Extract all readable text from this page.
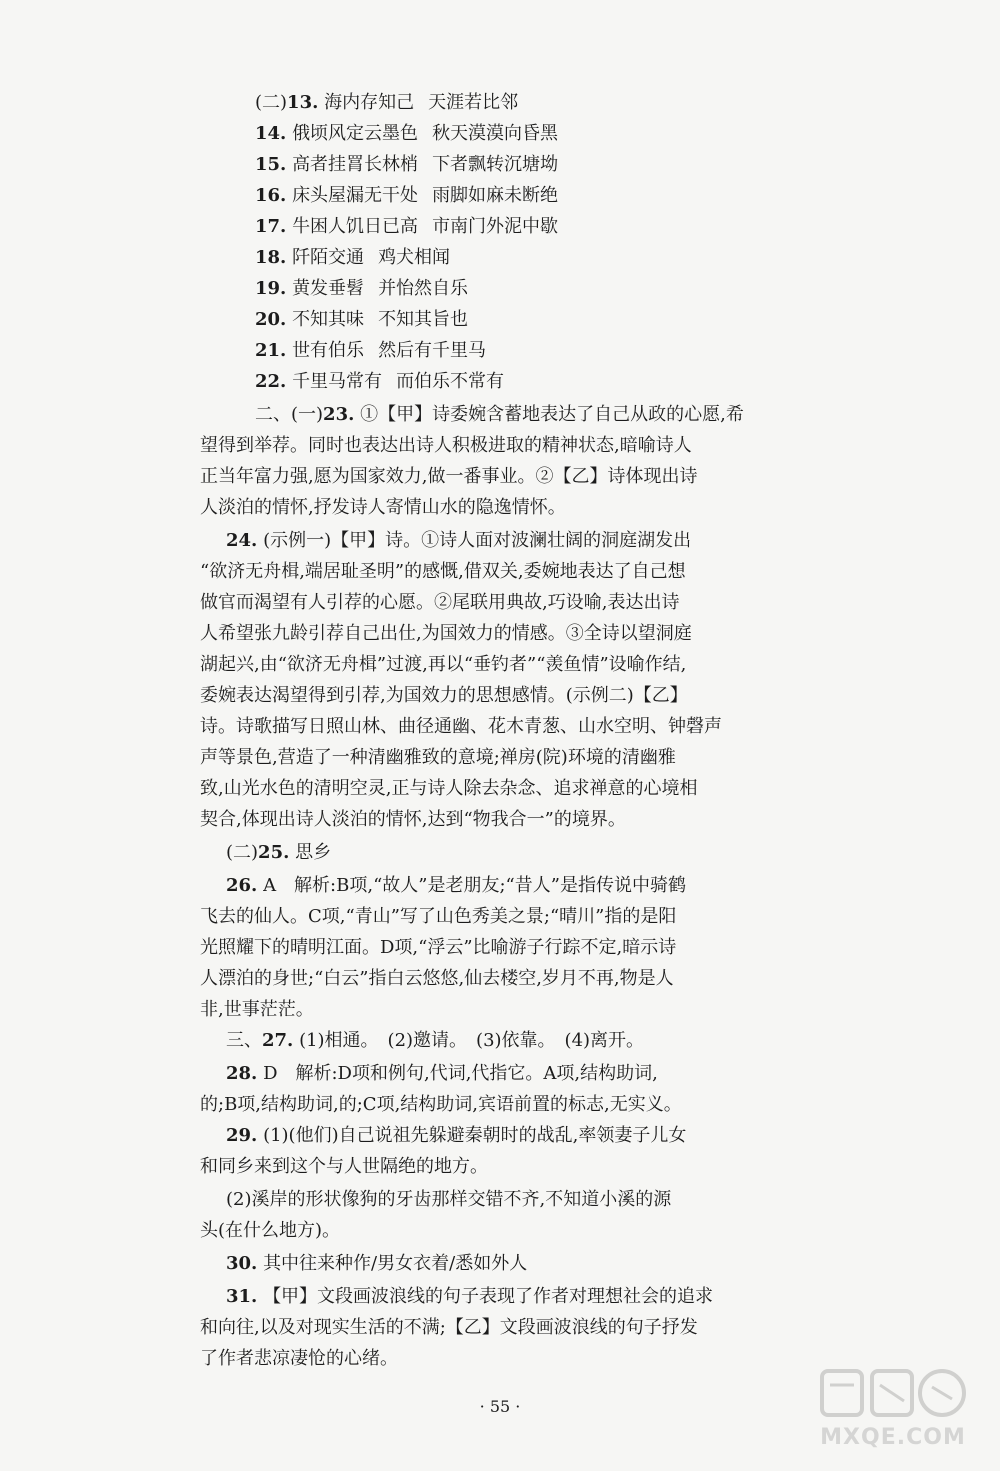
(二)13. 海内存知己 天涯若比邻
14. 俄顷风定云墨色 秋天漠漠向昏黑
15. 高者挂罥长林梢 下者飘转沉塘坳
16. 床头屋漏无干处 雨脚如麻未断绝
17. 牛困人饥日已高 市南门外泥中歇
18. 阡陌交通 鸡犬相闻
19. 黄发垂髫 并怡然自乐
20. 不知其味 不知其旨也
21. 世有伯乐 然后有千里马
22. 千里马常有 而伯乐不常有
二、(一)23. ①【甲】诗委婉含蓄地表达了自己从政的心愿,希
望得到举荐。同时也表达出诗人积极进取的精神状态,暗喻诗人
正当年富力强,愿为国家效力,做一番事业。②【乙】诗体现出诗
人淡泊的情怀,抒发诗人寄情山水的隐逸情怀。
24. (示例一)【甲】诗。①诗人面对波澜壮阔的洞庭湖发出
“欲济无舟楫,端居耻圣明”的感慨,借双关,委婉地表达了自己想
做官而渴望有人引荐的心愿。②尾联用典故,巧设喻,表达出诗
人希望张九龄引荐自己出仕,为国效力的情感。③全诗以望洞庭
湖起兴,由“欲济无舟楫”过渡,再以“垂钓者”“羡鱼情”设喻作结,
委婉表达渴望得到引荐,为国效力的思想感情。(示例二)【乙】
诗。诗歌描写日照山林、曲径通幽、花木青葱、山水空明、钟磬声
声等景色,营造了一种清幽雅致的意境;禅房(院)环境的清幽雅
致,山光水色的清明空灵,正与诗人除去杂念、追求禅意的心境相
契合,体现出诗人淡泊的情怀,达到“物我合一”的境界。
(二)25. 思乡
26. A　解析:B项,“故人”是老朋友;“昔人”是指传说中骑鹤
飞去的仙人。C项,“青山”写了山色秀美之景;“晴川”指的是阳
光照耀下的晴明江面。D项,“浮云”比喻游子行踪不定,暗示诗
人漂泊的身世;“白云”指白云悠悠,仙去楼空,岁月不再,物是人
非,世事茫茫。
三、27. (1)相通。　(2)邀请。　(3)依靠。　(4)离开。
28. D　解析:D项和例句,代词,代指它。A项,结构助词,
的;B项,结构助词,的;C项,结构助词,宾语前置的标志,无实义。
29. (1)(他们)自己说祖先躲避秦朝时的战乱,率领妻子儿女
和同乡来到这个与人世隔绝的地方。
(2)溪岸的形状像狗的牙齿那样交错不齐,不知道小溪的源
头(在什么地方)。
30. 其中往来种作/男女衣着/悉如外人
31. 【甲】文段画波浪线的句子表现了作者对理想社会的追求
和向往,以及对现实生活的不满;【乙】文段画波浪线的句子抒发
了作者悲凉凄怆的心绪。
· 55 ·
MXQE.COM
